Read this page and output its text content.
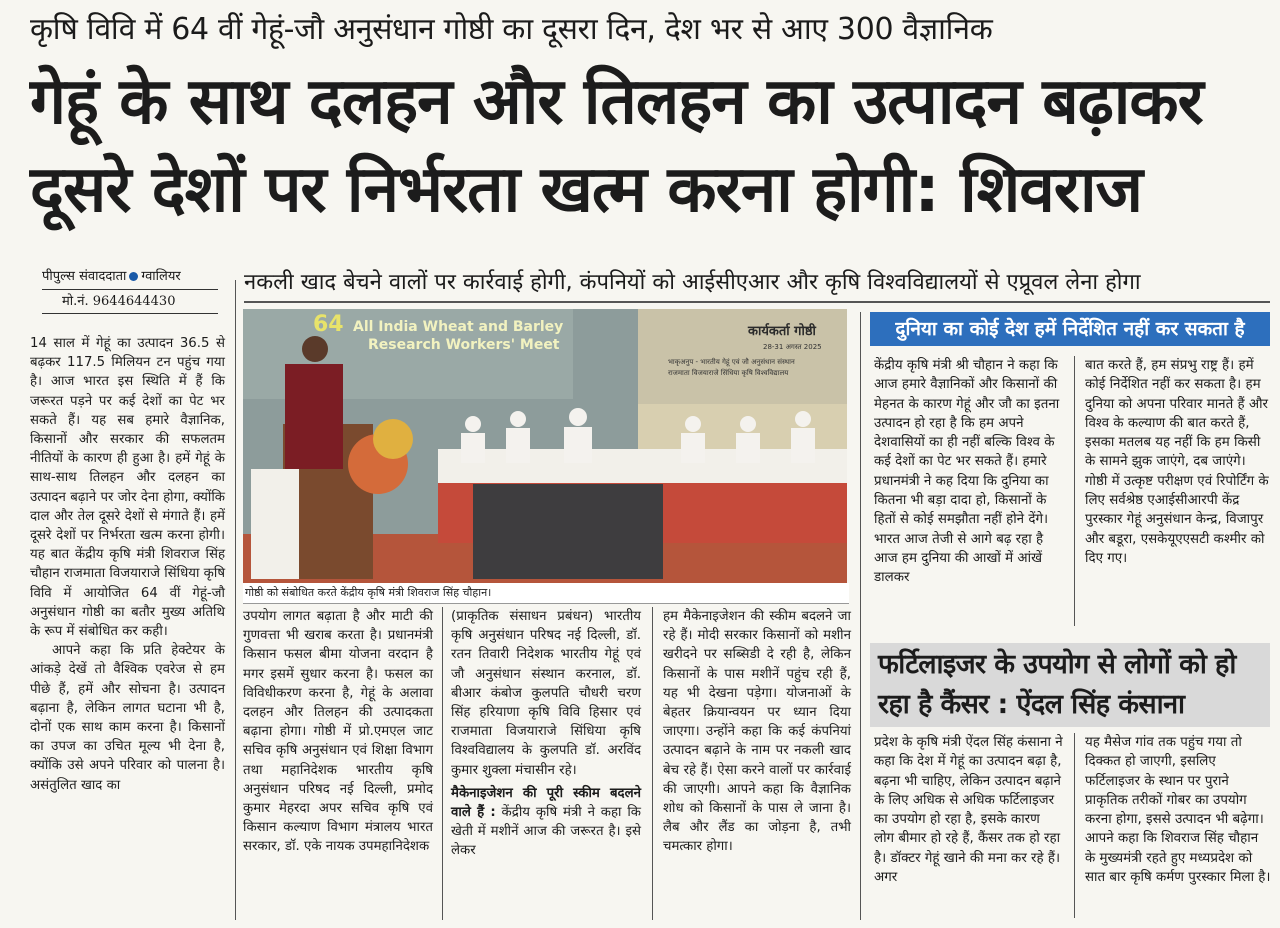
कृषि विवि में 64 वीं गेहूं-जौ अनुसंधान गोष्ठी का दूसरा दिन, देश भर से आए 300 वैज्ञानिक
गेहूं के साथ दलहन और तिलहन का उत्पादन बढ़ाकर
दूसरे देशों पर निर्भरता खत्म करना होगी: शिवराज
पीपुल्स संवाददाता ग्वालियर
मो.नं. 9644644430
नकली खाद बेचने वालों पर कार्रवाई होगी, कंपनियों को आईसीएआर और कृषि विश्वविद्यालयों से एप्रूवल लेना होगा

14 साल में गेहूं का उत्पादन 36.5 से बढ़कर 117.5 मिलियन टन पहुंच गया है। आज भारत इस स्थिति में हैं कि जरूरत पड़ने पर कई देशों का पेट भर सकते हैं। यह सब हमारे वैज्ञानिक, किसानों और सरकार की सफलतम नीतियों के कारण ही हुआ है। हमें गेहूं के साथ-साथ तिलहन और दलहन का उत्पादन बढ़ाने पर जोर देना होगा, क्योंकि दाल और तेल दूसरे देशों से मंगाते हैं। हमें दूसरे देशों पर निर्भरता खत्म करना होगी। यह बात केंद्रीय कृषि मंत्री शिवराज सिंह चौहान राजमाता विजयाराजे सिंधिया कृषि विवि में आयोजित 64 वीं गेहूं-जौ अनुसंधान गोष्ठी का बतौर मुख्य अतिथि के रूप में संबोधित कर कही।

आपने कहा कि प्रति हेक्टेयर के आंकड़े देखें तो वैश्विक एवरेज से हम पीछे हैं, हमें और सोचना है। उत्पादन बढ़ाना है, लेकिन लागत घटाना भी है, दोनों एक साथ काम करना है। किसानों का उपज का उचित मूल्य भी देना है, क्योंकि उसे अपने परिवार को पालना है। असंतुलित खाद का

64 All India Wheat and Barley
Research Workers' Meet
कार्यकर्ता गोष्ठी
28-31 अगस्त 2025
भाकृअनुप - भारतीय गेहूं एवं जौ अनुसंधान संस्थान
राजमाता विजयाराजे सिंधिया कृषि विश्वविद्यालय
गोष्ठी को संबोधित करते केंद्रीय कृषि मंत्री शिवराज सिंह चौहान।

उपयोग लागत बढ़ाता है और माटी की गुणवत्ता भी खराब करता है। प्रधानमंत्री किसान फसल बीमा योजना वरदान है मगर इसमें सुधार करना है। फसल का विविधीकरण करना है, गेहूं के अलावा दलहन और तिलहन की उत्पादकता बढ़ाना होगा। गोष्ठी में प्रो.एमएल जाट सचिव कृषि अनुसंधान एवं शिक्षा विभाग तथा महानिदेशक भारतीय कृषि अनुसंधान परिषद नई दिल्ली, प्रमोद कुमार मेहरदा अपर सचिव कृषि एवं किसान कल्याण विभाग मंत्रालय भारत सरकार, डॉ. एके नायक उपमहानिदेशक

(प्राकृतिक संसाधन प्रबंधन) भारतीय कृषि अनुसंधान परिषद नई दिल्ली, डॉ. रतन तिवारी निदेशक भारतीय गेहूं एवं जौ अनुसंधान संस्थान करनाल, डॉ. बीआर कंबोज कुलपति चौधरी चरण सिंह हरियाणा कृषि विवि हिसार एवं राजमाता विजयाराजे सिंधिया कृषि विश्वविद्यालय के कुलपति डॉ. अरविंद कुमार शुक्ला मंचासीन रहे।

मैकेनाइजेशन की पूरी स्कीम बदलने वाले हैं : केंद्रीय कृषि मंत्री ने कहा कि खेती में मशीनें आज की जरूरत है। इसे लेकर

हम मैकेनाइजेशन की स्कीम बदलने जा रहे हैं। मोदी सरकार किसानों को मशीन खरीदने पर सब्सिडी दे रही है, लेकिन किसानों के पास मशीनें पहुंच रही हैं, यह भी देखना पड़ेगा। योजनाओं के बेहतर क्रियान्वयन पर ध्यान दिया जाएगा। उन्होंने कहा कि कई कंपनियां उत्पादन बढ़ाने के नाम पर नकली खाद बेच रहे हैं। ऐसा करने वालों पर कार्रवाई की जाएगी। आपने कहा कि वैज्ञानिक शोध को किसानों के पास ले जाना है। लैब और लैंड का जोड़ना है, तभी चमत्कार होगा।

दुनिया का कोई देश हमें निर्देशित नहीं कर सकता है
केंद्रीय कृषि मंत्री श्री चौहान ने कहा कि आज हमारे वैज्ञानिकों और किसानों की मेहनत के कारण गेहूं और जौ का इतना उत्पादन हो रहा है कि हम अपने देशवासियों का ही नहीं बल्कि विश्व के कई देशों का पेट भर सकते हैं। हमारे प्रधानमंत्री ने कह दिया कि दुनिया का कितना भी बड़ा दादा हो, किसानों के हितों से कोई समझौता नहीं होने देंगे। भारत आज तेजी से आगे बढ़ रहा है आज हम दुनिया की आखों में आंखें डालकर
बात करते हैं, हम संप्रभु राष्ट्र हैं। हमें कोई निर्देशित नहीं कर सकता है। हम दुनिया को अपना परिवार मानते हैं और विश्व के कल्याण की बात करते हैं, इसका मतलब यह नहीं कि हम किसी के सामने झुक जाएंगे, दब जाएंगे। गोष्ठी में उत्कृष्ट परीक्षण एवं रिपोर्टिंग के लिए सर्वश्रेष्ठ एआईसीआरपी केंद्र पुरस्कार गेहूं अनुसंधान केन्द्र, विजापुर और बडूरा, एसकेयूएएसटी कश्मीर को दिए गए।
फर्टिलाइजर के उपयोग से लोगों को हो
रहा है कैंसर : ऐंदल सिंह कंसाना
प्रदेश के कृषि मंत्री ऐंदल सिंह कंसाना ने कहा कि देश में गेहूं का उत्पादन बढ़ा है, बढ़ना भी चाहिए, लेकिन उत्पादन बढ़ाने के लिए अधिक से अधिक फर्टिलाइजर का उपयोग हो रहा है, इसके कारण लोग बीमार हो रहे हैं, कैंसर तक हो रहा है। डॉक्टर गेहूं खाने की मना कर रहे हैं। अगर
यह मैसेज गांव तक पहुंच गया तो दिक्कत हो जाएगी, इसलिए फर्टिलाइजर के स्थान पर पुराने प्राकृतिक तरीकों गोबर का उपयोग करना होगा, इससे उत्पादन भी बढ़ेगा। आपने कहा कि शिवराज सिंह चौहान के मुख्यमंत्री रहते हुए मध्यप्रदेश को सात बार कृषि कर्मण पुरस्कार मिला है।
